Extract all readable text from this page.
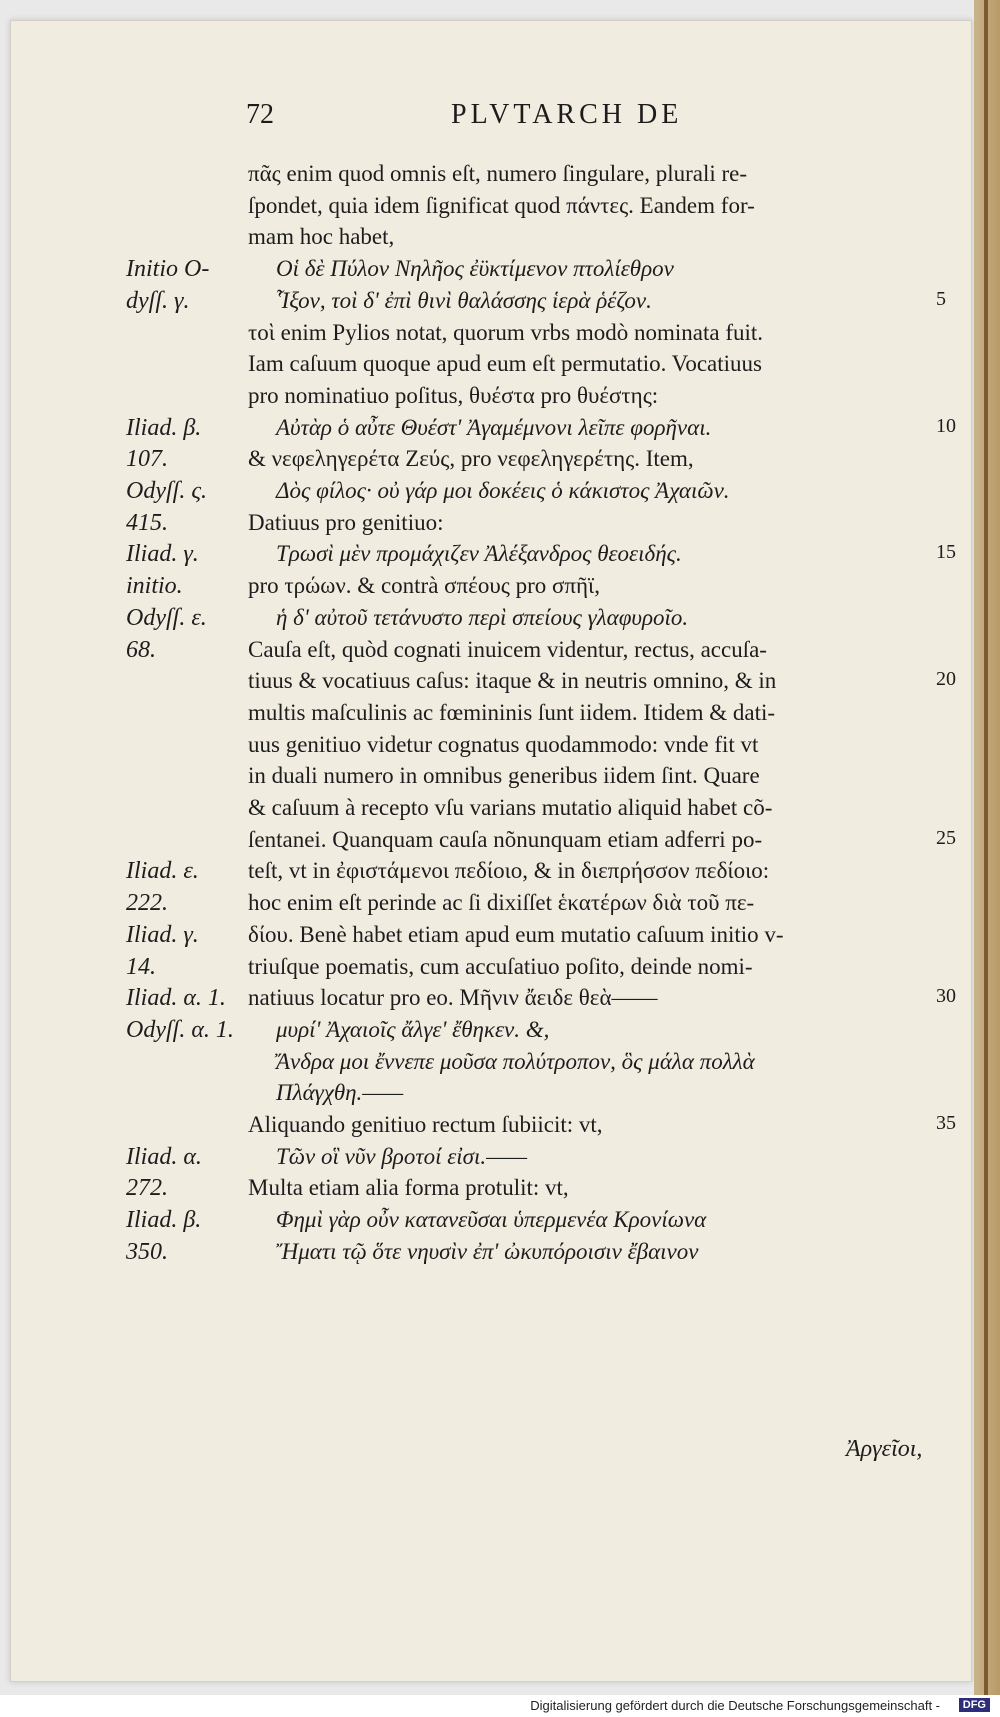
72	PLVTARCH DE
πᾶς enim quod omnis eſt, numero ſingulare, plurali re-
ſpondet, quia idem ſignificat quod πάντες. Eandem for-
mam hoc habet,
Initio O-	Οἱ δὲ Πύλον Νηλῆος ἐϋκτίμενον πτολίεθρον
dyſſ. γ.	Ἷξον, τοὶ δ' ἐπὶ θινὶ θαλάσσης ἱερὰ ῥέζον.	5
τοὶ enim Pylios notat, quorum vrbs modò nominata fuit.
Iam caſuum quoque apud eum eſt permutatio. Vocatiuus
pro nominatiuo poſitus, θυέστα pro θυέστης:
Iliad. β.	Αὐτὰρ ὁ αὖτε Θυέστ' Ἀγαμέμνονι λεῖπε φορῆναι.	10
107.	& νεφεληγερέτα Ζεύς, pro νεφεληγερέτης. Item,
Odyſſ. ς.	Δὸς φίλος· οὐ γάρ μοι δοκέεις ὁ κάκιστος Ἀχαιῶν.
415.	Datiuus pro genitiuo:
Iliad. γ.	Τρωσὶ μὲν προμάχιζεν Ἀλέξανδρος θεοειδής.	15
initio.	pro τρώων. & contrà σπέους pro σπῆϊ,
Odyſſ. ε.	ἡ δ' αὐτοῦ τετάνυστο περὶ σπείους γλαφυροῖο.
68.	Cauſa eſt, quòd cognati inuicem videntur, rectus, accuſa-
tiuus & vocatiuus caſus: itaque & in neutris omnino, & in	20
multis maſculinis ac fœmininis ſunt iidem. Itidem & dati-
uus genitiuo videtur cognatus quodammodo: vnde fit vt
in duali numero in omnibus generibus iidem ſint. Quare
& caſuum à recepto vſu varians mutatio aliquid habet cõ-
ſentanei. Quanquam cauſa nõnunquam etiam adferri po-	25
Iliad. ε. teſt, vt in ἐφιστάμενοι πεδίοιο, & in διεπρήσσον πεδίοιο:
222.	hoc enim eſt perinde ac ſi dixiſſet ἑκατέρων διὰ τοῦ πε-
Iliad. γ. δίου. Benè habet etiam apud eum mutatio caſuum initio v-
14.	triuſque poematis, cum accuſatiuo poſito, deinde nomi-
Iliad. α. 1. natiuus locatur pro eo. Μῆνιν ἄειδε θεὰ——	30
Odyſſ. α. 1. μυρί' Ἀχαιοῖς ἄλγε' ἔθηκεν. &,
Ἄνδρα μοι ἔννεπε μοῦσα πολύτροπον, ὃς μάλα πολλὰ
Πλάγχθη.——
Aliquando genitiuo rectum ſubiicit: vt,	35
Iliad. α.	Τῶν οἳ νῦν βροτοί εἰσι.——
272.	Multa etiam alia forma protulit: vt,
Iliad. β.	Φημὶ γὰρ οὖν κατανεῦσαι ὑπερμενέα Κρονίωνα
350.	Ἤματι τῷ ὅτε νηυσὶν ἐπ' ὠκυπόροισιν ἔβαινον
Ἀργεῖοι,
Digitalisierung gefördert durch die Deutsche Forschungsgemeinschaft -	DFG
